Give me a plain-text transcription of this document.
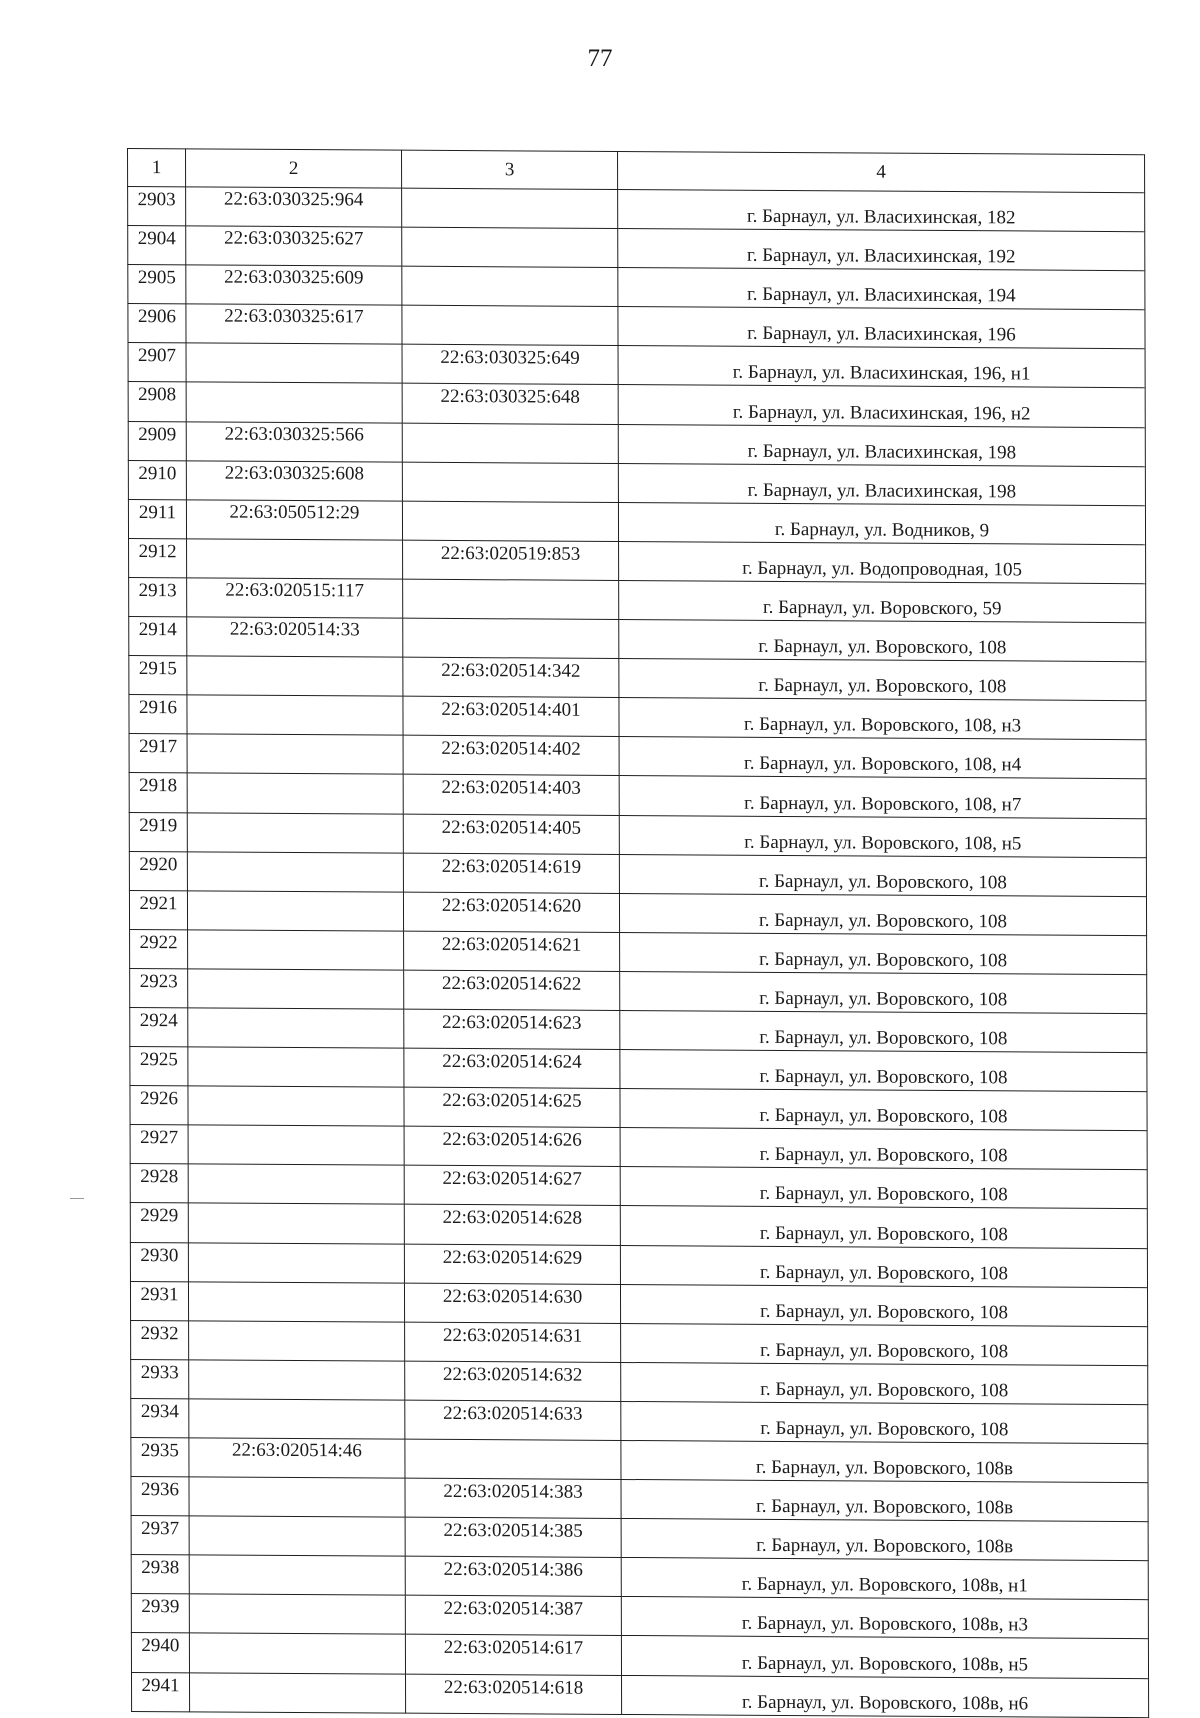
77
1	2	3	4
2903	22:63:030325:964		г. Барнаул, ул. Власихинская, 182
2904	22:63:030325:627		г. Барнаул, ул. Власихинская, 192
2905	22:63:030325:609		г. Барнаул, ул. Власихинская, 194
2906	22:63:030325:617		г. Барнаул, ул. Власихинская, 196
2907		22:63:030325:649	г. Барнаул, ул. Власихинская, 196, н1
2908		22:63:030325:648	г. Барнаул, ул. Власихинская, 196, н2
2909	22:63:030325:566		г. Барнаул, ул. Власихинская, 198
2910	22:63:030325:608		г. Барнаул, ул. Власихинская, 198
2911	22:63:050512:29		г. Барнаул, ул. Водников, 9
2912		22:63:020519:853	г. Барнаул, ул. Водопроводная, 105
2913	22:63:020515:117		г. Барнаул, ул. Воровского, 59
2914	22:63:020514:33		г. Барнаул, ул. Воровского, 108
2915		22:63:020514:342	г. Барнаул, ул. Воровского, 108
2916		22:63:020514:401	г. Барнаул, ул. Воровского, 108, н3
2917		22:63:020514:402	г. Барнаул, ул. Воровского, 108, н4
2918		22:63:020514:403	г. Барнаул, ул. Воровского, 108, н7
2919		22:63:020514:405	г. Барнаул, ул. Воровского, 108, н5
2920		22:63:020514:619	г. Барнаул, ул. Воровского, 108
2921		22:63:020514:620	г. Барнаул, ул. Воровского, 108
2922		22:63:020514:621	г. Барнаул, ул. Воровского, 108
2923		22:63:020514:622	г. Барнаул, ул. Воровского, 108
2924		22:63:020514:623	г. Барнаул, ул. Воровского, 108
2925		22:63:020514:624	г. Барнаул, ул. Воровского, 108
2926		22:63:020514:625	г. Барнаул, ул. Воровского, 108
2927		22:63:020514:626	г. Барнаул, ул. Воровского, 108
2928		22:63:020514:627	г. Барнаул, ул. Воровского, 108
2929		22:63:020514:628	г. Барнаул, ул. Воровского, 108
2930		22:63:020514:629	г. Барнаул, ул. Воровского, 108
2931		22:63:020514:630	г. Барнаул, ул. Воровского, 108
2932		22:63:020514:631	г. Барнаул, ул. Воровского, 108
2933		22:63:020514:632	г. Барнаул, ул. Воровского, 108
2934		22:63:020514:633	г. Барнаул, ул. Воровского, 108
2935	22:63:020514:46		г. Барнаул, ул. Воровского, 108в
2936		22:63:020514:383	г. Барнаул, ул. Воровского, 108в
2937		22:63:020514:385	г. Барнаул, ул. Воровского, 108в
2938		22:63:020514:386	г. Барнаул, ул. Воровского, 108в, н1
2939		22:63:020514:387	г. Барнаул, ул. Воровского, 108в, н3
2940		22:63:020514:617	г. Барнаул, ул. Воровского, 108в, н5
2941		22:63:020514:618	г. Барнаул, ул. Воровского, 108в, н6
